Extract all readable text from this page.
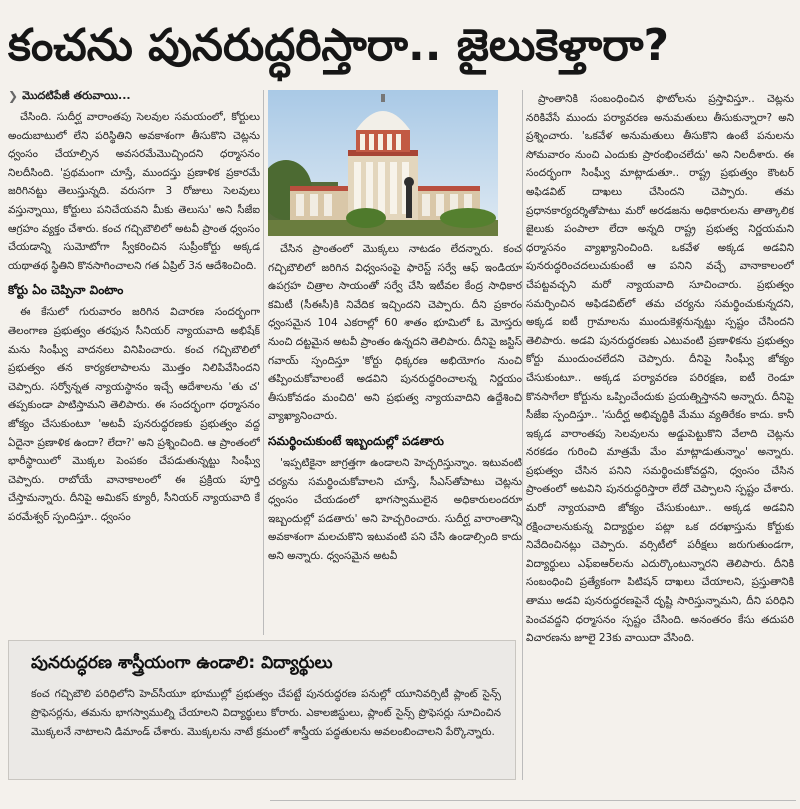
కంచను పునరుద్ధరిస్తారా.. జైలుకెళ్తారా?
❯ మొదటిపేజీ తరువాయి...

చేసింది. సుదీర్ఘ వారాంతపు సెలవుల సమయంలో, కోర్టులు అందుబాటులో లేని పరిస్థితిని అవకాశంగా తీసుకొని చెట్లను ధ్వంసం చేయాల్సిన అవసరమేమొచ్చిందని ధర్మాసనం నిలదీసింది. 'ప్రథమంగా చూస్తే, ముందస్తు ప్రణాళిక ప్రకారమే జరిగినట్టు తెలుస్తున్నది. వరుసగా 3 రోజులు సెలవులు వస్తున్నాయి, కోర్టులు పనిచేయవని మీకు తెలుసు' అని సీజేఐ ఆగ్రహం వ్యక్తం చేశారు. కంచ గచ్చిబౌలిలో అటవీ ప్రాంత ధ్వంసం చేయడాన్ని సుమోటోగా స్వీకరించిన సుప్రీంకోర్టు అక్కడ యథాతథ స్థితిని కొనసాగించాలని గత ఏప్రిల్ 3న ఆదేశించింది.

కోర్టు ఏం చెప్పినా వింటాం

ఈ కేసులో గురువారం జరిగిన విచారణ సందర్భంగా తెలంగాణ ప్రభుత్వం తరఫున సీనియర్ న్యాయవాది అభిషేక్ మను సింఘ్వీ వాదనలు వినిపించారు. కంచ గచ్చిబౌలిలో ప్రభుత్వం తన కార్యకలాపాలను మొత్తం నిలిపివేసిందని చెప్పారు. సర్వోన్నత న్యాయస్థానం ఇచ్చే ఆదేశాలను 'తు చ' తప్పకుండా పాటిస్తామని తెలిపారు. ఈ సందర్భంగా ధర్మాసనం జోక్యం చేసుకుంటూ 'అటవీ పునరుద్ధరణకు ప్రభుత్వం వద్ద ఏదైనా ప్రణాళిక ఉందా? లేదా?' అని ప్రశ్నించింది. ఆ ప్రాంతంలో భారీస్థాయిలో మొక్కల పెంపకం చేపడుతున్నట్టు సింఘ్వీ చెప్పారు. రాబోయే వానాకాలంలో ఈ ప్రక్రియ పూర్తి చేస్తామన్నారు. దీనిపై అమికస్ క్యూరీ, సీనియర్ న్యాయవాది కే పరమేశ్వర్ స్పందిస్తూ.. ధ్వంసం

చేసిన ప్రాంతంలో మొక్కలు నాటడం లేదన్నారు. కంచ గచ్చిబౌలిలో జరిగిన విధ్వంసంపై ఫారెస్ట్ సర్వే ఆఫ్ ఇండియా ఉపగ్రహ చిత్రాల సాయంతో సర్వే చేసి ఇటీవల కేంద్ర సాధికార కమిటీ (సీఈసీ)కి నివేదిక ఇచ్చిందని చెప్పారు. దీని ప్రకారం ధ్వంసమైన 104 ఎకరాల్లో 60 శాతం భూమిలో ఓ మోస్తరు నుంచి దట్టమైన అటవీ ప్రాంతం ఉన్నదని తెలిపారు. దీనిపై జస్టిస్ గవాయ్ స్పందిస్తూ 'కోర్టు ధిక్కరణ అభియోగం నుంచి తప్పించుకోవాలంటే అడవిని పునరుద్ధరించాలన్న నిర్ణయం తీసుకోవడం మంచిది' అని ప్రభుత్వ న్యాయవాదిని ఉద్దేశించి వ్యాఖ్యానించారు.

సమర్థించుకుంటే ఇబ్బందుల్లో పడతారు

'ఇప్పటికైనా జాగ్రత్తగా ఉండాలని హెచ్చరిస్తున్నాం. ఇటువంటి చర్యను సమర్థించుకోవాలని చూస్తే, సీఎస్‌తోపాటు చెట్లను ధ్వంసం చేయడంలో భాగస్వాములైన అధికారులందరూ ఇబ్బందుల్లో పడతారు' అని హెచ్చరించారు. సుదీర్ఘ వారాంతాన్ని అవకాశంగా మలచుకొని ఇటువంటి పని చేసి ఉండాల్సింది కాదు అని అన్నారు. ధ్వంసమైన అటవీ

ప్రాంతానికి సంబంధించిన ఫొటోలను ప్రస్తావిస్తూ.. చెట్లను నరికివేసే ముందు పర్యావరణ అనుమతులు తీసుకున్నారా? అని ప్రశ్నించారు. 'ఒకవేళ అనుమతులు తీసుకొని ఉంటే పనులను సోమవారం నుంచి ఎందుకు ప్రారంభించలేదు' అని నిలదీశారు. ఈ సందర్భంగా సింఘ్వీ మాట్లాడుతూ.. రాష్ట్ర ప్రభుత్వం కౌంటర్ అఫిడవిట్ దాఖలు చేసిందని చెప్పారు. తమ ప్రధానకార్యదర్శితోపాటు మరో అరడజను అధికారులను తాత్కాలిక జైలుకు పంపాలా లేదా అన్నది రాష్ట్ర ప్రభుత్వ నిర్ణయమని ధర్మాసనం వ్యాఖ్యానించింది. ఒకవేళ అక్కడ అడవిని పునరుద్ధరించదలుచుకుంటే ఆ పనిని వచ్చే వానాకాలంలో చేపట్టవచ్చని మరో న్యాయవాది సూచించారు. ప్రభుత్వం సమర్పించిన అఫిడవిట్‌లో తమ చర్యను సమర్థించుకున్నదని, అక్కడ ఐటీ గ్రామాలను ముందుకెళ్లనున్నట్టు స్పష్టం చేసిందని తెలిపారు. అడవి పునరుద్ధరణకు ఎటువంటి ప్రణాళికను ప్రభుత్వం కోర్టు ముందుంచలేదని చెప్పారు. దీనిపై సింఘ్వీ జోక్యం చేసుకుంటూ.. అక్కడ పర్యావరణ పరిరక్షణ, ఐటీ రెండూ కొనసాగేలా కోర్టును ఒప్పించేందుకు ప్రయత్నిస్తానని అన్నారు. దీనిపై సీజేఐ స్పందిస్తూ.. 'సుదీర్ఘ అభివృద్ధికి మేము వ్యతిరేకం కాదు. కానీ ఇక్కడ వారాంతపు సెలవులను అడ్డుపెట్టుకొని వేలాది చెట్లను నరకడం గురించి మాత్రమే మేం మాట్లాడుతున్నాం' అన్నారు. ప్రభుత్వం చేసిన పనిని సమర్థించుకోవద్దని, ధ్వంసం చేసిన ప్రాంతంలో అటవిని పునరుద్ధరిస్తారా లేదో చెప్పాలని స్పష్టం చేశారు. మరో న్యాయవాది జోక్యం చేసుకుంటూ.. అక్కడ అడవిని రక్షించాలనుకున్న విద్యార్థుల పట్లా ఒక దరఖాస్తును కోర్టుకు నివేదించినట్లు చెప్పారు. వర్సిటీలో పరీక్షలు జరుగుతుండగా, విద్యార్థులు ఎఫ్ఐఆర్‌లను ఎదుర్కొంటున్నారని తెలిపారు. దీనికి సంబంధించి ప్రత్యేకంగా పిటిషన్ దాఖలు చేయాలని, ప్రస్తుతానికి తాము అడవి పునరుద్ధరణపైనే దృష్టి సారిస్తున్నామని, దీని పరిధిని పెంచవద్దని ధర్మాసనం స్పష్టం చేసింది. అనంతరం కేసు తదుపరి విచారణను జూలై 23కు వాయిదా వేసింది.

పునరుద్ధరణ శాస్త్రీయంగా ఉండాలి: విద్యార్థులు
కంచ గచ్చిబౌలి పరిధిలోని హెచ్‌సీయూ భూముల్లో ప్రభుత్వం చేపట్టే పునరుద్ధరణ పనుల్లో యూనివర్సిటీ ప్లాంట్ సైన్స్ ప్రొఫెసర్లను, తమను భాగస్వాముల్ని చేయాలని విద్యార్థులు కోరారు. ఎకాలజిస్టులు, ప్లాంట్ సైన్స్ ప్రొఫెసర్లు సూచించిన మొక్కలనే నాటాలని డిమాండ్ చేశారు. మొక్కలను నాటే క్రమంలో శాస్త్రీయ పద్ధతులను అవలంబించాలని పేర్కొన్నారు.
